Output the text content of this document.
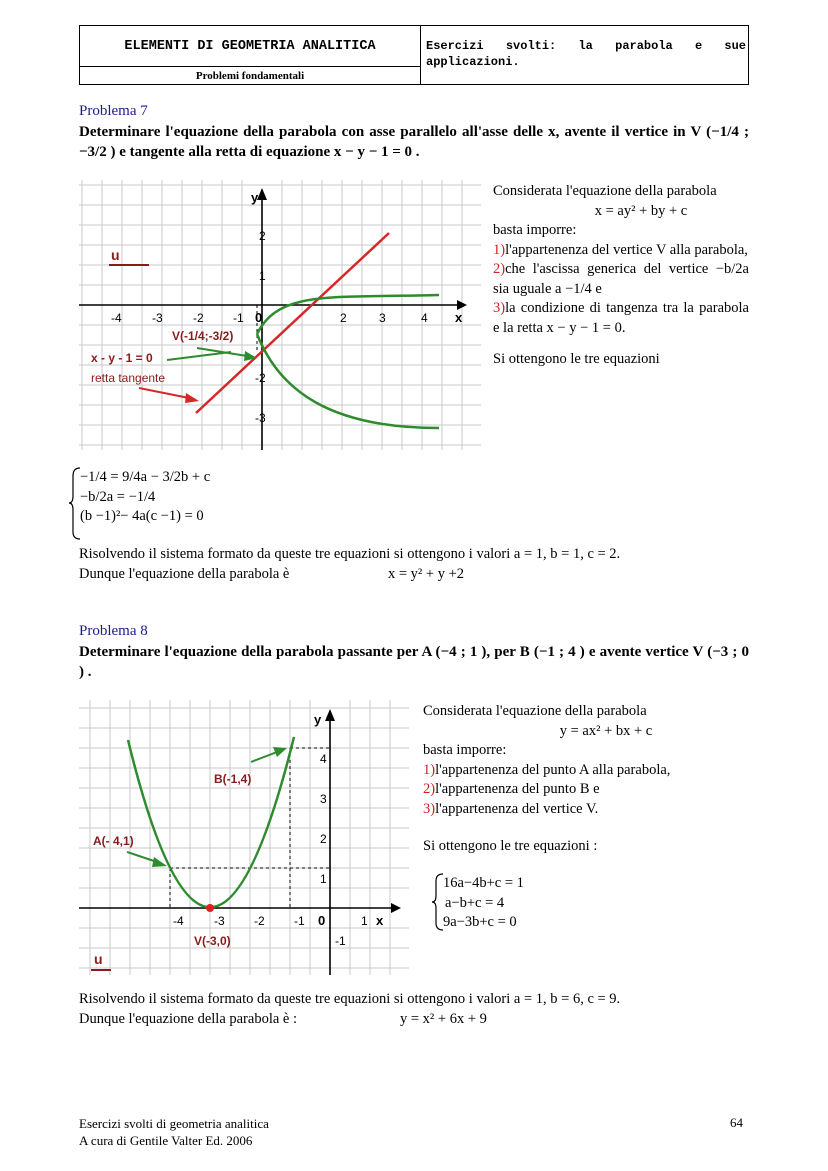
ELEMENTI DI GEOMETRIA ANALITICA
Problemi fondamentali
Esercizi svolti: la parabola e sue applicazioni.
Problema 7
Determinare l'equazione della parabola con asse parallelo all'asse delle x, avente il vertice in V (−1/4 ; −3/2 ) e tangente alla retta di equazione x − y − 1 = 0 .
y
x
0
-4	-3	-2 -1	2	3	4
2
1
-2
-3
u
V(-1/4;-3/2)
x - y - 1 = 0
retta tangente
Considerata l'equazione della parabola
x = ay² + by + c
basta imporre:
1)l'appartenenza del vertice V alla parabola,
2)che l'ascissa generica del vertice −b/2a sia uguale a −1/4 e
3)la condizione di tangenza tra la parabola e la retta x − y − 1 = 0.
Si ottengono le tre equazioni
−1/4 = 9/4a − 3/2b + c
−b/2a = −1/4
(b −1)²− 4a(c −1) = 0
Risolvendo il sistema formato da queste tre equazioni si ottengono i valori a = 1, b = 1, c = 2.
Dunque l'equazione della parabola è	x = y² + y +2
Problema 8
Determinare l'equazione della parabola passante per A (−4 ; 1 ), per B (−1 ; 4 ) e avente vertice V (−3 ; 0 ) .
y
x
0
-4	-3 -2 -1	1
4
3
2
1
-1
u
A(- 4,1)
B(-1,4)
V(-3,0)
Considerata l'equazione della parabola
y = ax² + bx + c
basta imporre:
1)l'appartenenza del punto A alla parabola,
2)l'appartenenza del punto B e
3)l'appartenenza del vertice V.
Si ottengono le tre equazioni :
16a−4b+c = 1
a−b+c = 4
9a−3b+c = 0
Risolvendo il sistema formato da queste tre equazioni si ottengono i valori a = 1, b = 6, c = 9.
Dunque l'equazione della parabola è :	y = x² + 6x + 9
Esercizi svolti di geometria analitica
A cura di Gentile Valter Ed. 2006
64
